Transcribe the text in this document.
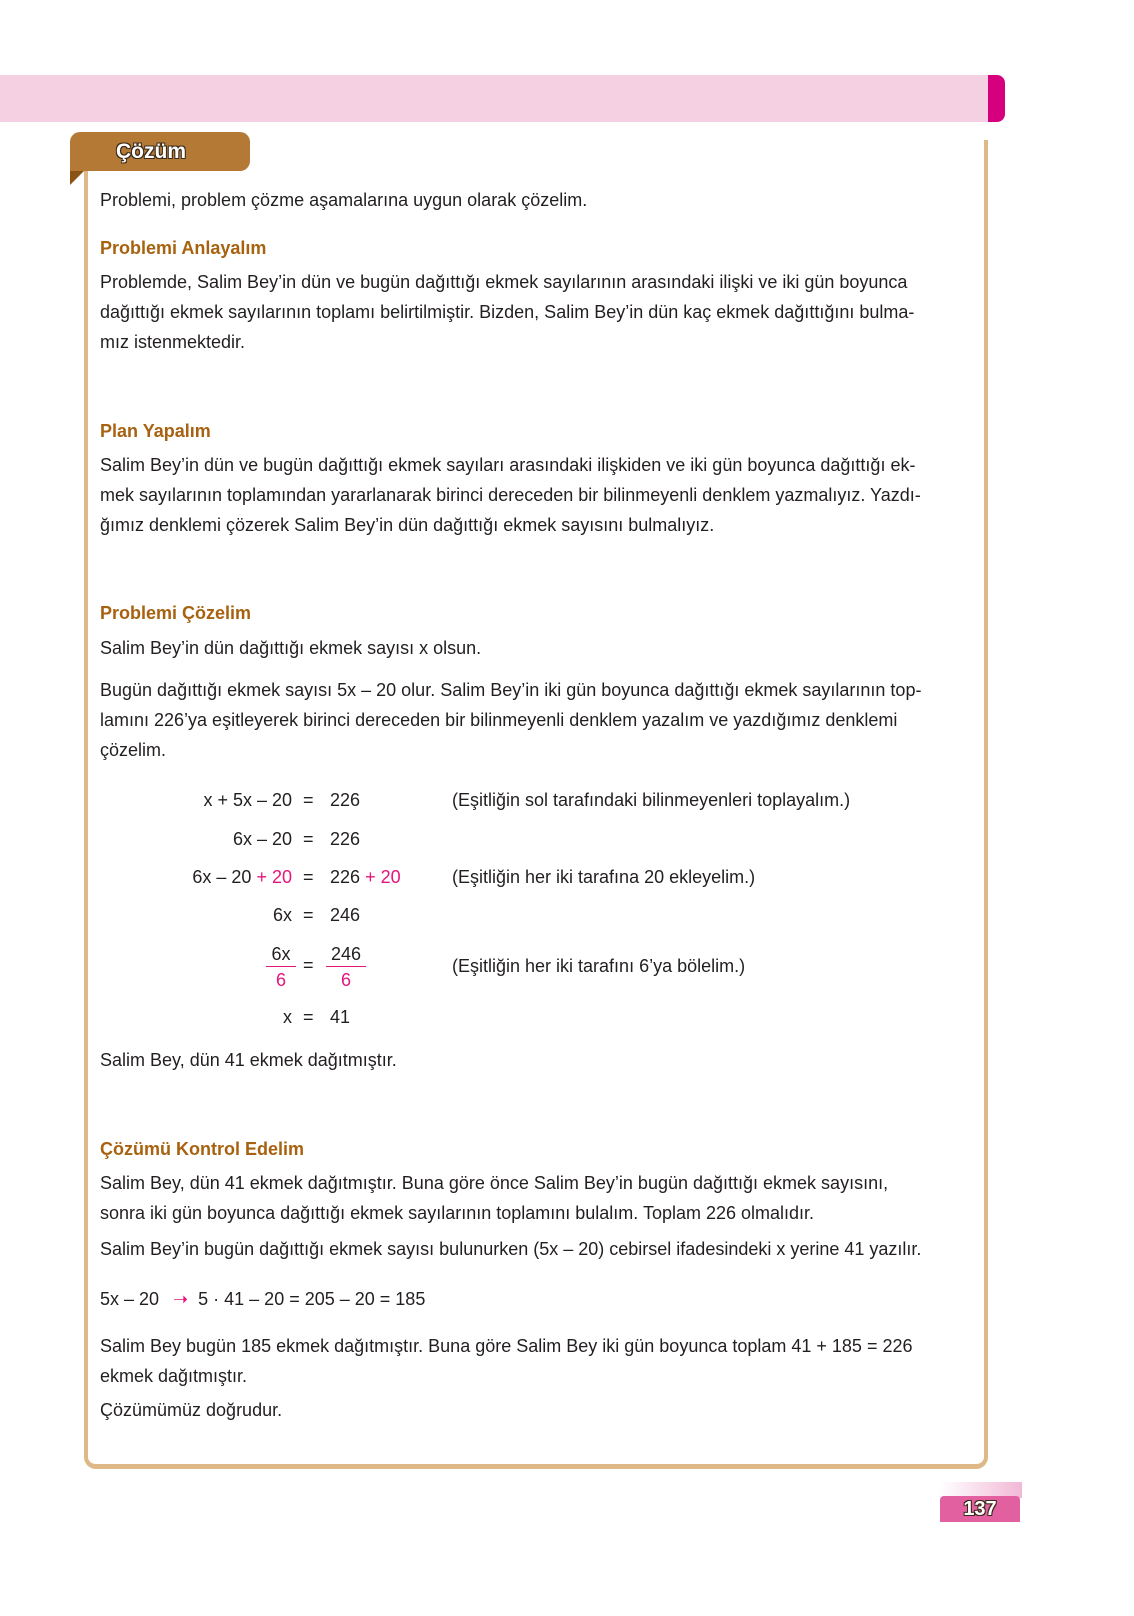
Çözüm
Problemi, problem çözme aşamalarına uygun olarak çözelim.
Problemi Anlayalım
Problemde, Salim Bey’in dün ve bugün dağıttığı ekmek sayılarının arasındaki ilişki ve iki gün boyunca
dağıttığı ekmek sayılarının toplamı belirtilmiştir. Bizden, Salim Bey’in dün kaç ekmek dağıttığını bulma-
mız istenmektedir.
Plan Yapalım
Salim Bey’in dün ve bugün dağıttığı ekmek sayıları arasındaki ilişkiden ve iki gün boyunca dağıttığı ek-
mek sayılarının toplamından yararlanarak birinci dereceden bir bilinmeyenli denklem yazmalıyız. Yazdı-
ğımız denklemi çözerek Salim Bey’in dün dağıttığı ekmek sayısını bulmalıyız.
Problemi Çözelim
Salim Bey’in dün dağıttığı ekmek sayısı x olsun.
Bugün dağıttığı ekmek sayısı 5x – 20 olur. Salim Bey’in iki gün boyunca dağıttığı ekmek sayılarının top-
lamını 226’ya eşitleyerek birinci dereceden bir bilinmeyenli denklem yazalım ve yazdığımız denklemi
çözelim.
x + 5x – 20 = 226	(Eşitliğin sol tarafındaki bilinmeyenleri toplayalım.)
6x – 20 = 226
6x – 20 + 20 = 226 + 20	(Eşitliğin her iki tarafına 20 ekleyelim.)
6x = 246
$\frac{6x}{6} = \frac{246}{6}$	(Eşitliğin her iki tarafını 6’ya bölelim.)
x = 41
Salim Bey, dün 41 ekmek dağıtmıştır.
Çözümü Kontrol Edelim
Salim Bey, dün 41 ekmek dağıtmıştır. Buna göre önce Salim Bey’in bugün dağıttığı ekmek sayısını,
sonra iki gün boyunca dağıttığı ekmek sayılarının toplamını bulalım. Toplam 226 olmalıdır.
Salim Bey’in bugün dağıttığı ekmek sayısı bulunurken (5x – 20) cebirsel ifadesindeki x yerine 41 yazılır.
5x – 20 ➝ 5 · 41 – 20 = 205 – 20 = 185
Salim Bey bugün 185 ekmek dağıtmıştır. Buna göre Salim Bey iki gün boyunca toplam 41 + 185 = 226
ekmek dağıtmıştır.
Çözümümüz doğrudur.
137
